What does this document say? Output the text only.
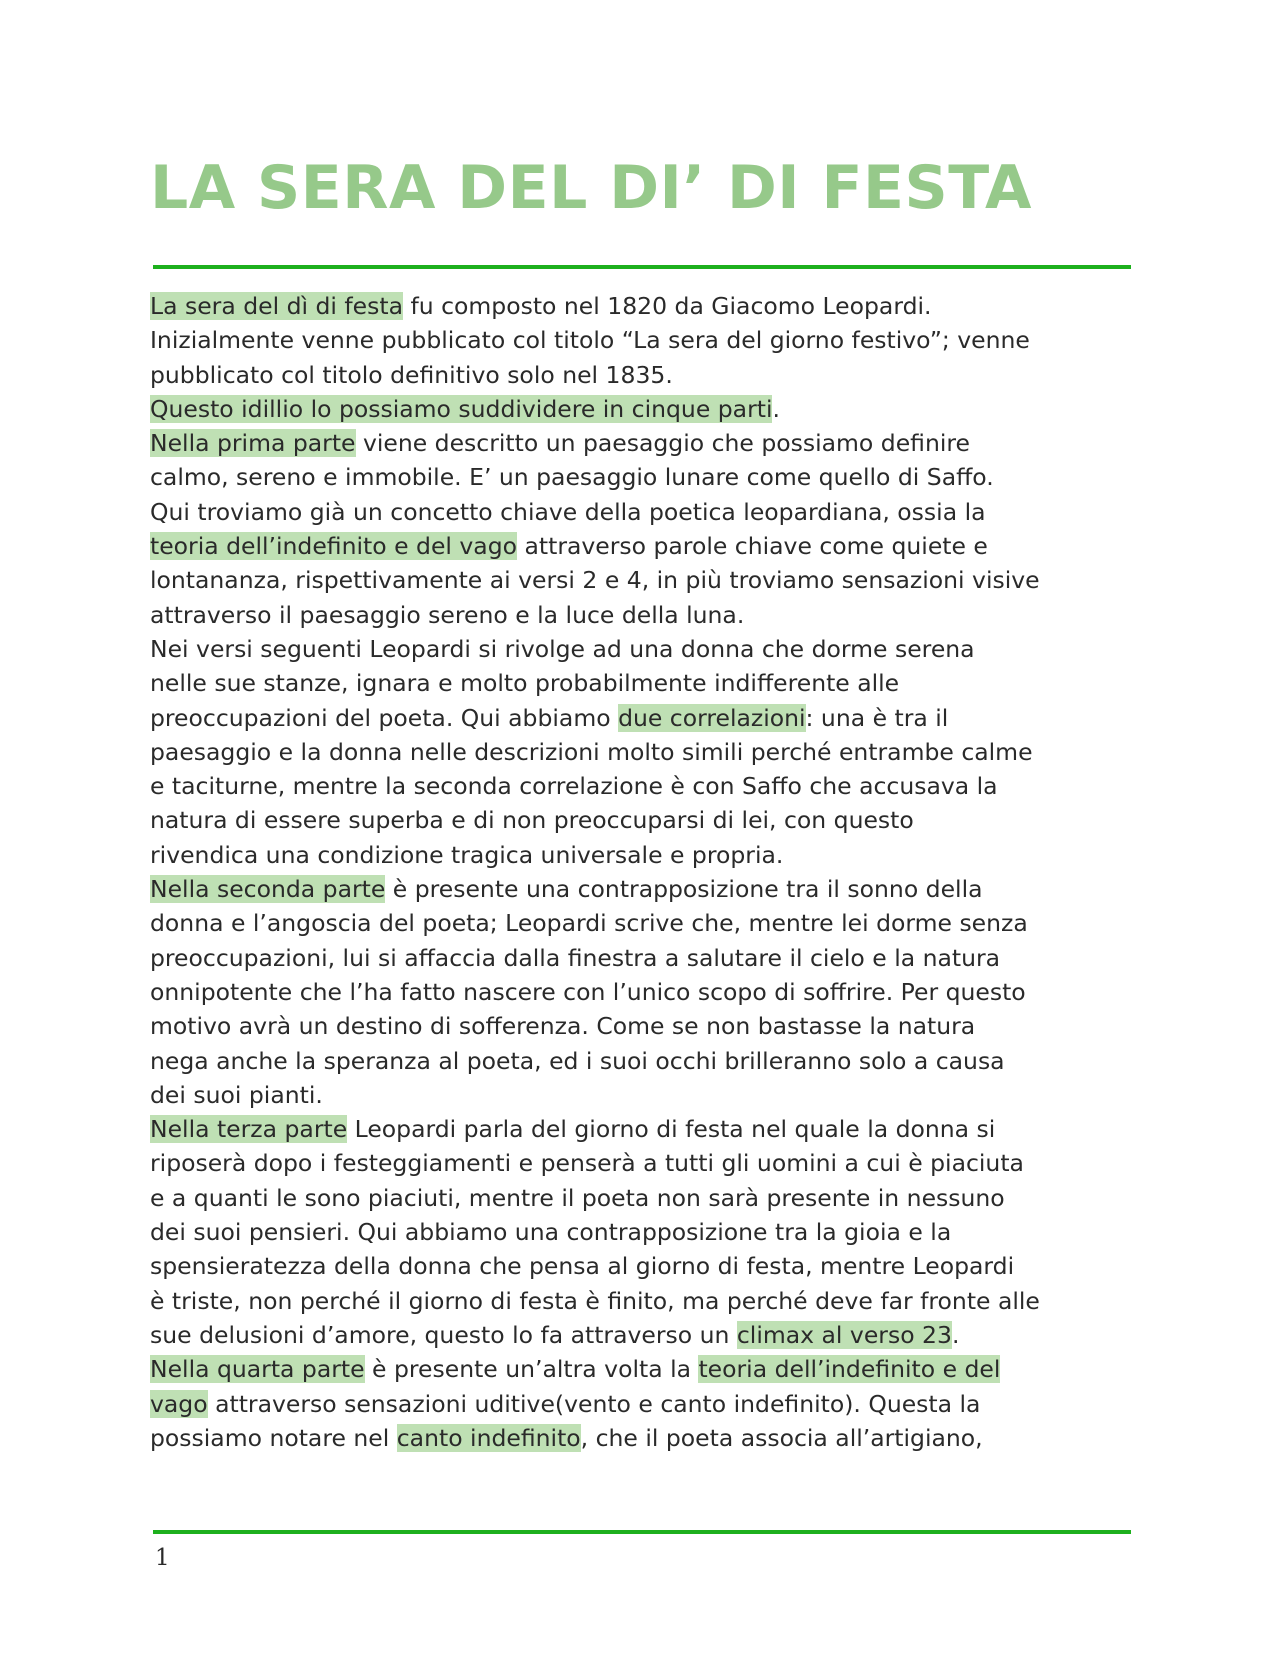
LA SERA DEL DI’ DI FESTA
La sera del dì di festa fu composto nel 1820 da Giacomo Leopardi.
Inizialmente venne pubblicato col titolo “La sera del giorno festivo”; venne
pubblicato col titolo definitivo solo nel 1835.
Questo idillio lo possiamo suddividere in cinque parti.
Nella prima parte viene descritto un paesaggio che possiamo definire
calmo, sereno e immobile. E’ un paesaggio lunare come quello di Saffo.
Qui troviamo già un concetto chiave della poetica leopardiana, ossia la
teoria dell’indefinito e del vago attraverso parole chiave come quiete e
lontananza, rispettivamente ai versi 2 e 4, in più troviamo sensazioni visive
attraverso il paesaggio sereno e la luce della luna.
Nei versi seguenti Leopardi si rivolge ad una donna che dorme serena
nelle sue stanze, ignara e molto probabilmente indifferente alle
preoccupazioni del poeta. Qui abbiamo due correlazioni: una è tra il
paesaggio e la donna nelle descrizioni molto simili perché entrambe calme
e taciturne, mentre la seconda correlazione è con Saffo che accusava la
natura di essere superba e di non preoccuparsi di lei, con questo
rivendica una condizione tragica universale e propria.
Nella seconda parte è presente una contrapposizione tra il sonno della
donna e l’angoscia del poeta; Leopardi scrive che, mentre lei dorme senza
preoccupazioni, lui si affaccia dalla finestra a salutare il cielo e la natura
onnipotente che l’ha fatto nascere con l’unico scopo di soffrire. Per questo
motivo avrà un destino di sofferenza. Come se non bastasse la natura
nega anche la speranza al poeta, ed i suoi occhi brilleranno solo a causa
dei suoi pianti.
Nella terza parte Leopardi parla del giorno di festa nel quale la donna si
riposerà dopo i festeggiamenti e penserà a tutti gli uomini a cui è piaciuta
e a quanti le sono piaciuti, mentre il poeta non sarà presente in nessuno
dei suoi pensieri. Qui abbiamo una contrapposizione tra la gioia e la
spensieratezza della donna che pensa al giorno di festa, mentre Leopardi
è triste, non perché il giorno di festa è finito, ma perché deve far fronte alle
sue delusioni d’amore, questo lo fa attraverso un climax al verso 23.
Nella quarta parte è presente un’altra volta la teoria dell’indefinito e del
vago attraverso sensazioni uditive(vento e canto indefinito). Questa la
possiamo notare nel canto indefinito, che il poeta associa all’artigiano,
1
